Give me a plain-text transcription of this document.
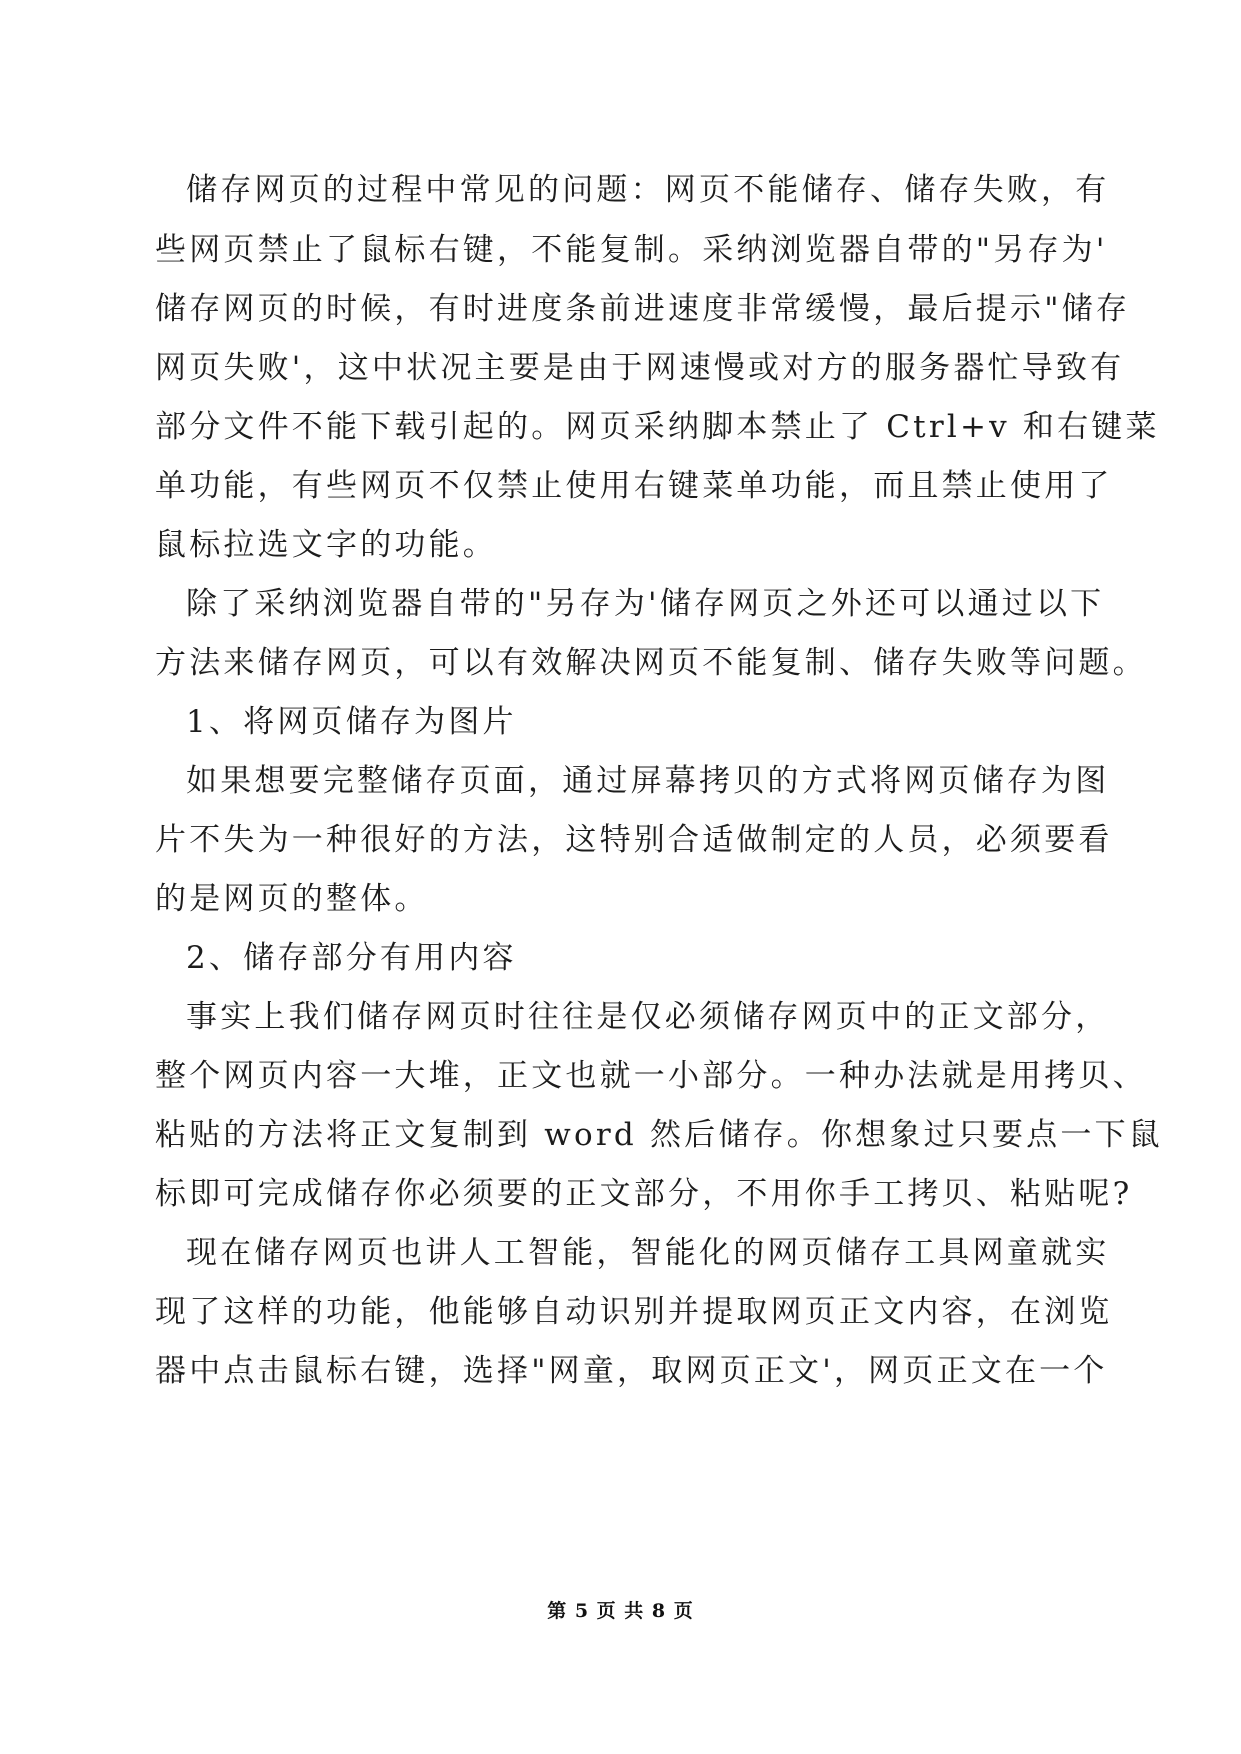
储存网页的过程中常见的问题：网页不能储存、储存失败，有
些网页禁止了鼠标右键，不能复制。采纳浏览器自带的"另存为'
储存网页的时候，有时进度条前进速度非常缓慢，最后提示"储存
网页失败'，这中状况主要是由于网速慢或对方的服务器忙导致有
部分文件不能下载引起的。网页采纳脚本禁止了 Ctrl+v 和右键菜
单功能，有些网页不仅禁止使用右键菜单功能，而且禁止使用了
鼠标拉选文字的功能。
除了采纳浏览器自带的"另存为'储存网页之外还可以通过以下
方法来储存网页，可以有效解决网页不能复制、储存失败等问题。
1、将网页储存为图片
如果想要完整储存页面，通过屏幕拷贝的方式将网页储存为图
片不失为一种很好的方法，这特别合适做制定的人员，必须要看
的是网页的整体。
2、储存部分有用内容
事实上我们储存网页时往往是仅必须储存网页中的正文部分，
整个网页内容一大堆，正文也就一小部分。一种办法就是用拷贝、
粘贴的方法将正文复制到 word 然后储存。你想象过只要点一下鼠
标即可完成储存你必须要的正文部分，不用你手工拷贝、粘贴呢?
现在储存网页也讲人工智能，智能化的网页储存工具网童就实
现了这样的功能，他能够自动识别并提取网页正文内容，在浏览
器中点击鼠标右键，选择"网童，取网页正文'，网页正文在一个
第 5 页 共 8 页
